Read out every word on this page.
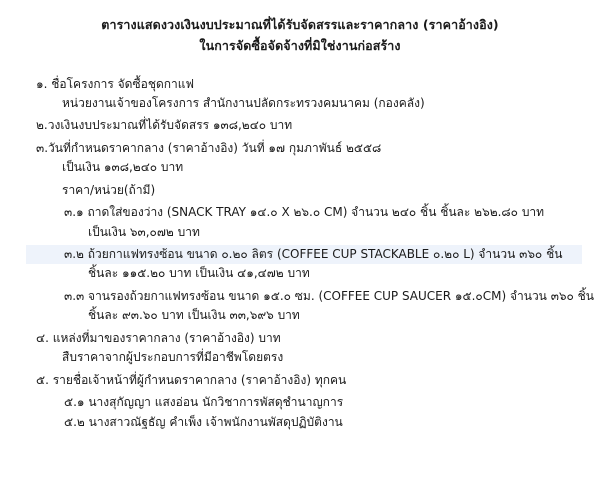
ตารางแสดงวงเงินงบประมาณที่ได้รับจัดสรรและราคากลาง (ราคาอ้างอิง)
ในการจัดซื้อจัดจ้างที่มิใช่งานก่อสร้าง
๑. ชื่อโครงการ จัดซื้อชุดกาแฟ
หน่วยงานเจ้าของโครงการ สำนักงานปลัดกระทรวงคมนาคม (กองคลัง)
๒.วงเงินงบประมาณที่ได้รับจัดสรร ๑๓๘,๒๔๐ บาท
๓.วันที่กำหนดราคากลาง (ราคาอ้างอิง) วันที่ ๑๗ กุมภาพันธ์ ๒๕๕๘
เป็นเงิน ๑๓๘,๒๔๐ บาท
ราคา/หน่วย(ถ้ามี)
๓.๑ ถาดใส่ของว่าง (SNACK TRAY ๑๔.๐ X ๒๖.๐ CM) จำนวน ๒๔๐ ชิ้น ชิ้นละ ๒๖๒.๘๐ บาท
เป็นเงิน ๖๓,๐๗๒ บาท
๓.๒ ถ้วยกาแฟทรงซ้อน ขนาด ๐.๒๐ ลิตร (COFFEE CUP STACKABLE ๐.๒๐ L) จำนวน ๓๖๐ ชิ้น
ชิ้นละ ๑๑๕.๒๐ บาท เป็นเงิน ๔๑,๔๗๒ บาท
๓.๓ จานรองถ้วยกาแฟทรงซ้อน ขนาด ๑๕.๐ ซม. (COFFEE CUP SAUCER ๑๕.๐CM) จำนวน ๓๖๐ ชิ้น
ชิ้นละ ๙๓.๖๐ บาท เป็นเงิน ๓๓,๖๙๖ บาท
๔. แหล่งที่มาของราคากลาง (ราคาอ้างอิง) บาท
สืบราคาจากผู้ประกอบการที่มีอาชีพโดยตรง
๕. รายชื่อเจ้าหน้าที่ผู้กำหนดราคากลาง (ราคาอ้างอิง) ทุกคน
๕.๑ นางสุกัญญา แสงอ่อน นักวิชาการพัสดุชำนาญการ
๕.๒ นางสาวณัฐธัญ คำเพ็ง เจ้าพนักงานพัสดุปฏิบัติงาน
